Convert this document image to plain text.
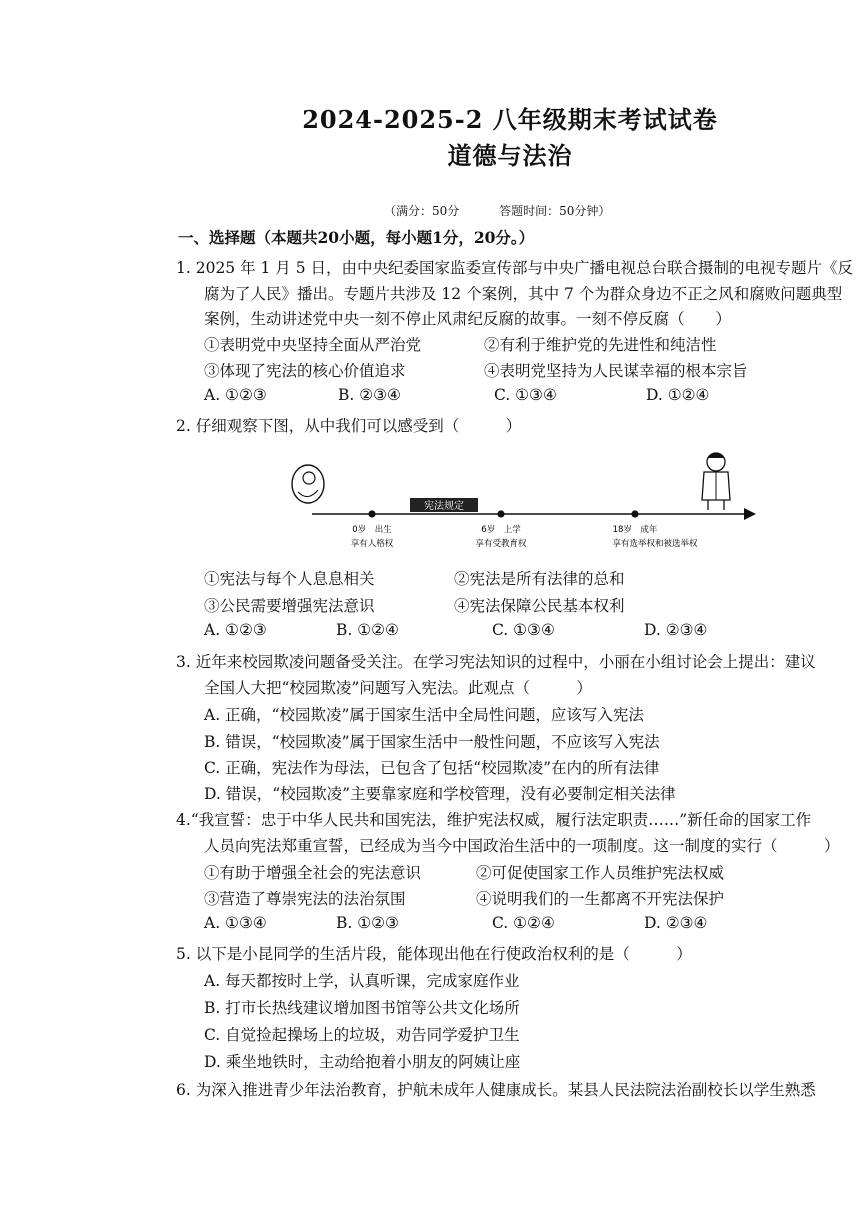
2024-2025-2 八年级期末考试试卷
道德与法治
（满分：50分	答题时间：50分钟）
一、选择题（本题共20小题，每小题1分，20分。）
1. 2025 年 1 月 5 日，由中央纪委国家监委宣传部与中央广播电视总台联合摄制的电视专题片《反
腐为了人民》播出。专题片共涉及 12 个案例，其中 7 个为群众身边不正之风和腐败问题典型
案例，生动讲述党中央一刻不停止风肃纪反腐的故事。一刻不停反腐（　　）
①表明党中央坚持全面从严治党	②有利于维护党的先进性和纯洁性
③体现了宪法的核心价值追求	④表明党坚持为人民谋幸福的根本宗旨
A. ①②③	B. ②③④	C. ①③④	D. ①②④
2. 仔细观察下图，从中我们可以感受到（　　　）
宪法规定
0岁　出生
享有人格权
6岁　上学
享有受教育权
18岁　成年
享有选举权和被选举权
①宪法与每个人息息相关	②宪法是所有法律的总和
③公民需要增强宪法意识	④宪法保障公民基本权利
A. ①②③	B. ①②④	C. ①③④	D. ②③④
3. 近年来校园欺凌问题备受关注。在学习宪法知识的过程中，小丽在小组讨论会上提出：建议
全国人大把“校园欺凌”问题写入宪法。此观点（　　　）
A. 正确，“校园欺凌”属于国家生活中全局性问题，应该写入宪法
B. 错误，“校园欺凌”属于国家生活中一般性问题，不应该写入宪法
C. 正确，宪法作为母法，已包含了包括“校园欺凌”在内的所有法律
D. 错误，“校园欺凌”主要靠家庭和学校管理，没有必要制定相关法律
4.“我宣誓：忠于中华人民共和国宪法，维护宪法权威，履行法定职责……”新任命的国家工作
人员向宪法郑重宣誓，已经成为当今中国政治生活中的一项制度。这一制度的实行（　　　）
①有助于增强全社会的宪法意识	②可促使国家工作人员维护宪法权威
③营造了尊崇宪法的法治氛围	④说明我们的一生都离不开宪法保护
A. ①③④	B. ①②③	C. ①②④	D. ②③④
5. 以下是小昆同学的生活片段，能体现出他在行使政治权利的是（　　　）
A. 每天都按时上学，认真听课，完成家庭作业
B. 打市长热线建议增加图书馆等公共文化场所
C. 自觉捡起操场上的垃圾，劝告同学爱护卫生
D. 乘坐地铁时，主动给抱着小朋友的阿姨让座
6. 为深入推进青少年法治教育，护航未成年人健康成长。某县人民法院法治副校长以学生熟悉
